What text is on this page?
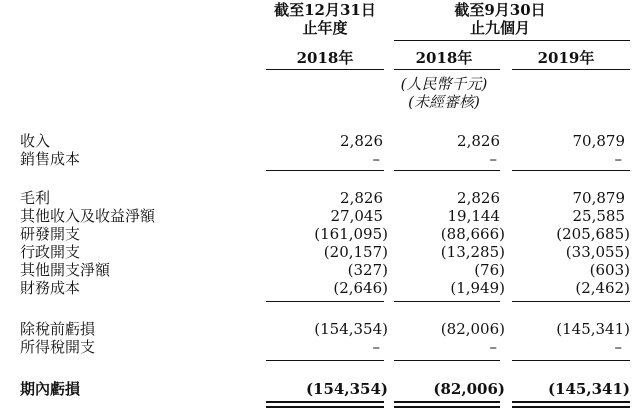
截至12月31日
止年度
截至9月30日
止九個月
2018年	2018年	2019年
(人民幣千元)
(未經審核)
收入	2,826	2,826	70,879
銷售成本	–	–	–
毛利	2,826	2,826	70,879
其他收入及收益淨額	27,045	19,144	25,585
研發開支	(161,095)	(88,666)	(205,685)
行政開支	(20,157)	(13,285)	(33,055)
其他開支淨額	(327)	(76)	(603)
財務成本	(2,646)	(1,949)	(2,462)
除稅前虧損	(154,354)	(82,006)	(145,341)
所得稅開支	–	–	–
期內虧損	(154,354)	(82,006)	(145,341)
